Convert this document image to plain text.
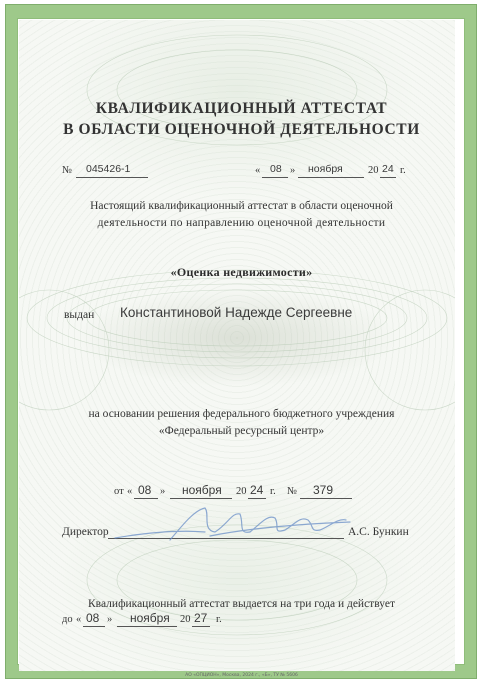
КВАЛИФИКАЦИОННЫЙ АТТЕСТАТ
В ОБЛАСТИ ОЦЕНОЧНОЙ ДЕЯТЕЛЬНОСТИ
№ 045426-1	« 08 » ноября 20 24 г.
Настоящий квалификационный аттестат в области оценочной
деятельности по направлению оценочной деятельности
«Оценка недвижимости»
выдан Константиновой Надежде Сергеевне
на основании решения федерального бюджетного учреждения
«Федеральный ресурсный центр»
от « 08 » ноября 20 24 г. № 379
Директор	А.С. Бункин
Квалификационный аттестат выдается на три года и действует
до « 08 » ноября 20 27 г.
АО «ОПЦИОН», Москва, 2024 г., «Б», ТУ № 5606
